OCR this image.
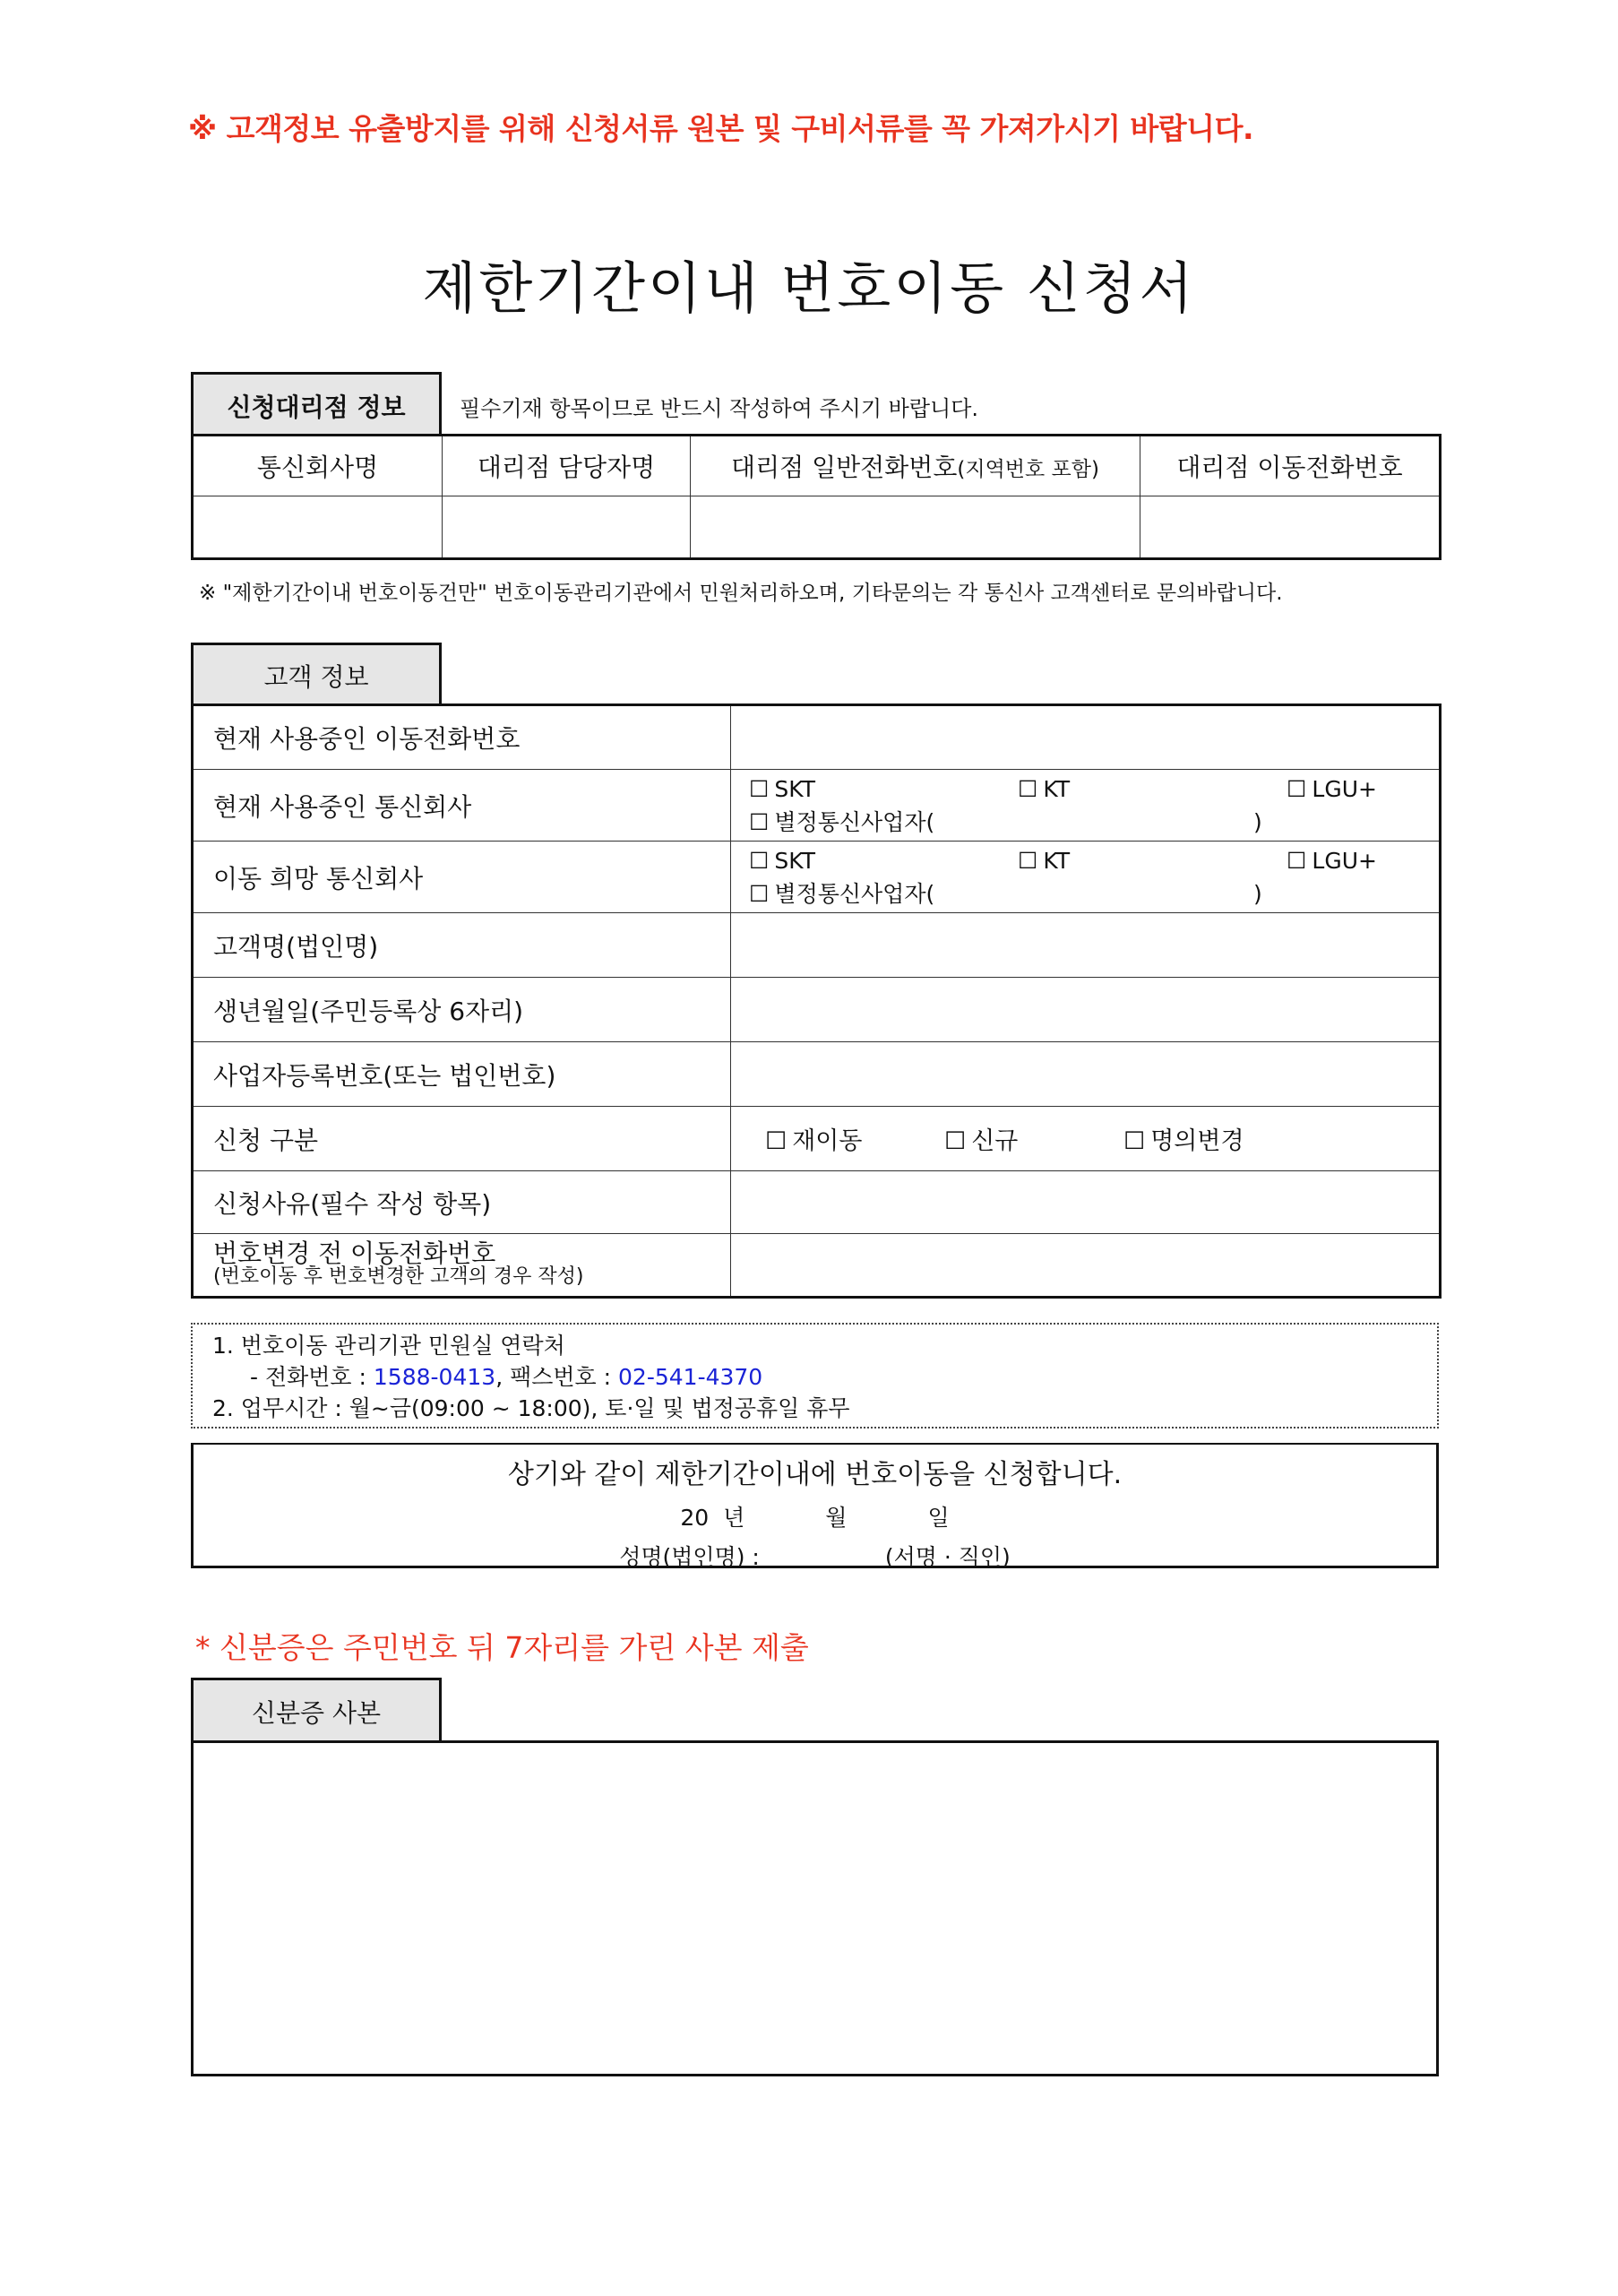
※ 고객정보 유출방지를 위해 신청서류 원본 및 구비서류를 꼭 가져가시기 바랍니다.
제한기간이내 번호이동 신청서
신청대리점 정보	필수기재 항목이므로 반드시 작성하여 주시기 바랍니다.
통신회사명	대리점 담당자명	대리점 일반전화번호(지역번호 포함)	대리점 이동전화번호

※ "제한기간이내 번호이동건만" 번호이동관리기관에서 민원처리하오며, 기타문의는 각 통신사 고객센터로 문의바랍니다.
고객 정보
현재 사용중인 이동전화번호	
현재 사용중인 통신회사	☐ SKT ☐ KT ☐ LGU+
☐ 별정통신사업자( )

이동 희망 통신회사	☐ SKT ☐ KT ☐ LGU+
☐ 별정통신사업자( )

고객명(법인명)	
생년월일(주민등록상 6자리)	
사업자등록번호(또는 법인번호)	
신청 구분	☐ 재이동 ☐ 신규 ☐ 명의변경
신청사유(필수 작성 항목)	
번호변경 전 이동전화번호
(번호이동 후 번호변경한 고객의 경우 작성)	

1. 번호이동 관리기관 민원실 연락처
- 전화번호 : 1588-0413, 팩스번호 : 02-541-4370
2. 업무시간 : 월~금(09:00 ~ 18:00), 토·일 및 법정공휴일 휴무
상기와 같이 제한기간이내에 번호이동을 신청합니다.
20 년	월	일
성명(법인명) :	(서명 · 직인)
* 신분증은 주민번호 뒤 7자리를 가린 사본 제출
신분증 사본
